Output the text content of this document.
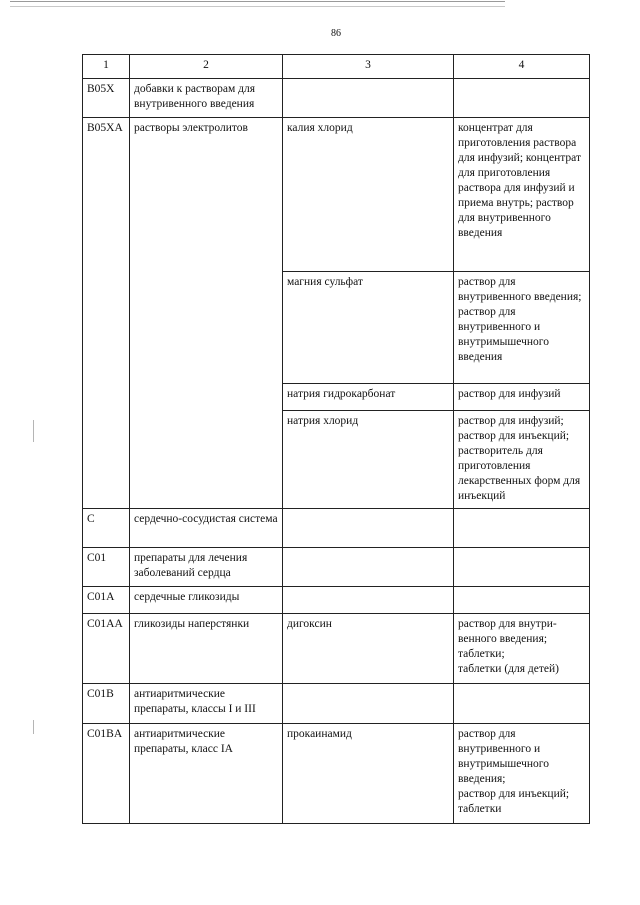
86
1	2	3	4
B05X	добавки к растворам для внутривенного введения		
B05XA	растворы электролитов	калия хлорид	концентрат для приготовления раствора для инфузий; концентрат для приготовления раствора для инфузий и приема внутрь; раствор для внутривенного введения
		магния сульфат	раствор для внутривенного введения;
раствор для внутривенного и внутримышечного введения
		натрия гидрокарбонат	раствор для инфузий
		натрия хлорид	раствор для инфузий;
раствор для инъекций;
растворитель для приготовления лекарственных форм для инъекций
C	сердечно-сосудистая система		
C01	препараты для лечения заболеваний сердца		
C01A	сердечные гликозиды		
C01AA	гликозиды наперстянки	дигоксин	раствор для внутри-
венного введения;
таблетки;
таблетки (для детей)
C01B	антиаритмические препараты, классы I и III		
C01BA	антиаритмические препараты, класс IA	прокаинамид	раствор для внутривенного и внутримышечного введения;
раствор для инъекций;
таблетки
